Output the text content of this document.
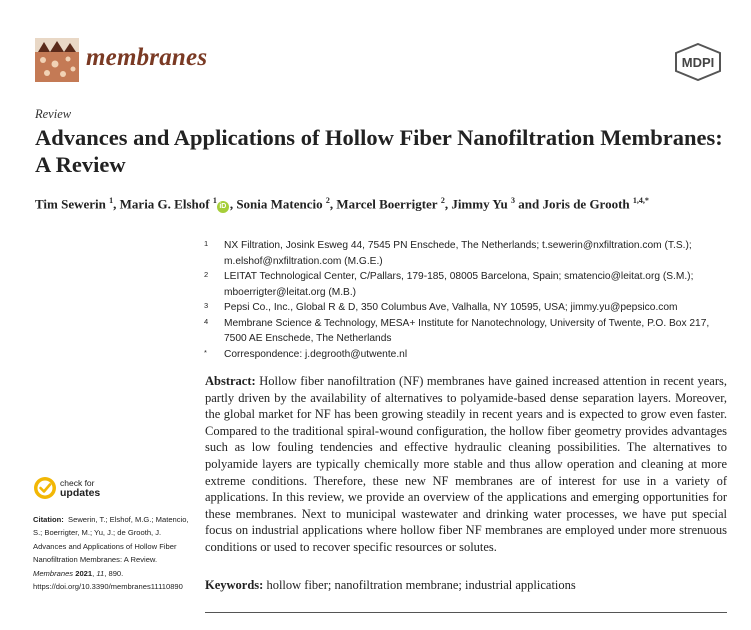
membranes	MDPI
Review
Advances and Applications of Hollow Fiber Nanofiltration Membranes: A Review
Tim Sewerin $^1$, Maria G. Elshof $^1$iD , Sonia Matencio $^2$, Marcel Boerrigter $^2$, Jimmy Yu $^3$ and Joris de Grooth $^{1,4,*}$
1 NX Filtration, Josink Esweg 44, 7545 PN Enschede, The Netherlands; t.sewerin@nxfiltration.com (T.S.); m.elshof@nxfiltration.com (M.G.E.)
2 LEITAT Technological Center, C/Pallars, 179-185, 08005 Barcelona, Spain; smatencio@leitat.org (S.M.); mboerrigter@leitat.org (M.B.)
3 Pepsi Co., Inc., Global R & D, 350 Columbus Ave, Valhalla, NY 10595, USA; jimmy.yu@pepsico.com
4 Membrane Science & Technology, MESA+ Institute for Nanotechnology, University of Twente, P.O. Box 217, 7500 AE Enschede, The Netherlands
* Correspondence: j.degrooth@utwente.nl
check for
updates
Citation: Sewerin, T.; Elshof, M.G.; Matencio, S.; Boerrigter, M.; Yu, J.; de Grooth, J. Advances and Applications of Hollow Fiber Nanofiltration Membranes: A Review. Membranes 2021, 11, 890. https://doi.org/10.3390/membranes11110890
Abstract: Hollow fiber nanofiltration (NF) membranes have gained increased attention in recent years, partly driven by the availability of alternatives to polyamide-based dense separation layers. Moreover, the global market for NF has been growing steadily in recent years and is expected to grow even faster. Compared to the traditional spiral-wound configuration, the hollow fiber geometry provides advantages such as low fouling tendencies and effective hydraulic cleaning possibilities. The alternatives to polyamide layers are typically chemically more stable and thus allow operation and cleaning at more extreme conditions. Therefore, these new NF membranes are of interest for use in a variety of applications. In this review, we provide an overview of the applications and emerging opportunities for these membranes. Next to municipal wastewater and drinking water processes, we have put special focus on industrial applications where hollow fiber NF membranes are employed under more strenuous conditions or used to recover specific resources or solutes.
Keywords: hollow fiber; nanofiltration membrane; industrial applications
